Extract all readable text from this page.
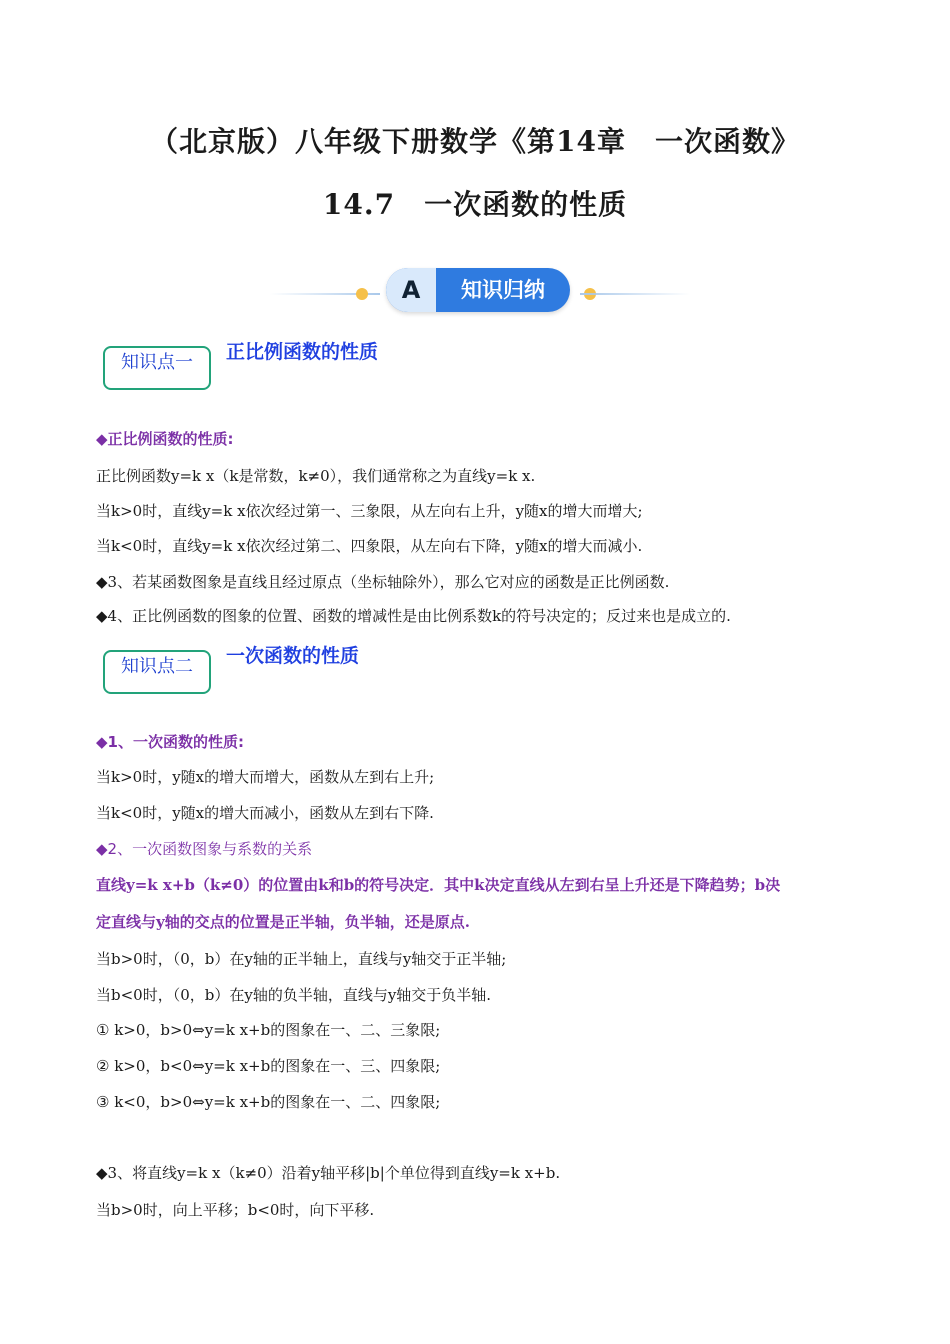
（北京版）八年级下册数学《第14章　一次函数》
14.7　一次函数的性质
A	知识归纳
知识点一	正比例函数的性质
◆正比例函数的性质:
正比例函数y=k x（k是常数，k≠0），我们通常称之为直线y=k x.
当k>0时，直线y=k x依次经过第一、三象限，从左向右上升，y随x的增大而增大;
当k<0时，直线y=k x依次经过第二、四象限，从左向右下降，y随x的增大而减小.
◆3、若某函数图象是直线且经过原点（坐标轴除外），那么它对应的函数是正比例函数.
◆4、正比例函数的图象的位置、函数的增减性是由比例系数k的符号决定的；反过来也是成立的.
知识点二	一次函数的性质
◆1、一次函数的性质:
当k>0时，y随x的增大而增大，函数从左到右上升;
当k<0时，y随x的增大而减小，函数从左到右下降.
◆2、一次函数图象与系数的关系
直线y=k x+b（k≠0）的位置由k和b的符号决定．其中k决定直线从左到右呈上升还是下降趋势；b决
定直线与y轴的交点的位置是正半轴，负半轴，还是原点.
当b>0时，（0，b）在y轴的正半轴上，直线与y轴交于正半轴;
当b<0时，（0，b）在y轴的负半轴，直线与y轴交于负半轴.
① k>0，b>0⇔y=k x+b的图象在一、二、三象限;
② k>0，b<0⇔y=k x+b的图象在一、三、四象限;
③ k<0，b>0⇔y=k x+b的图象在一、二、四象限;
◆3、将直线y=k x（k≠0）沿着y轴平移|b|个单位得到直线y=k x+b.
当b>0时，向上平移；b<0时，向下平移.
